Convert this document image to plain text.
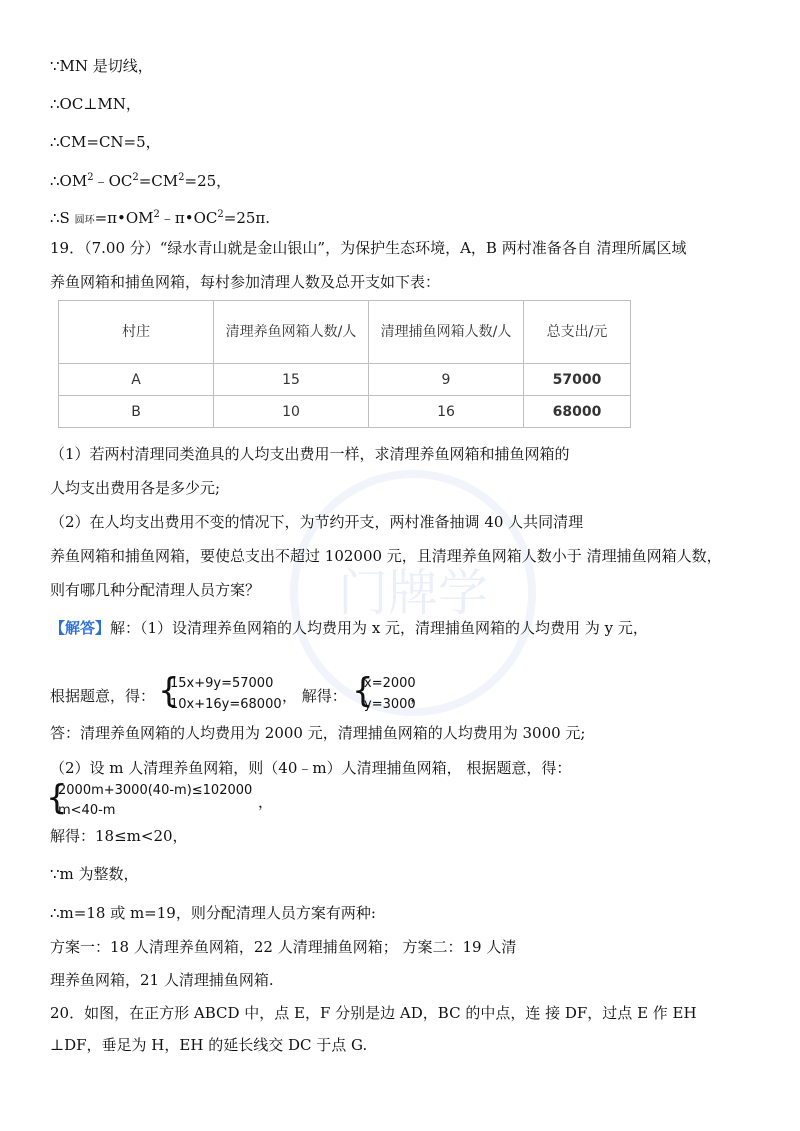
门牌学
∵MN 是切线，
∴OC⊥MN，
∴CM=CN=5，
$\therefore OM^2﹣OC^2=CM^2=25$，
∴S 圆环$=\pi•OM^2﹣\pi•OC^2=25\pi$.
19．（7.00 分）“绿水青山就是金山银山”，为保护生态环境，A，B 两村准备各自 清理所属区域
养鱼网箱和捕鱼网箱，每村参加清理人数及总开支如下表：
村庄	清理养鱼网箱人数/人	清理捕鱼网箱人数/人	总支出/元
A	15	9	57000
B	10	16	68000
（1）若两村清理同类渔具的人均支出费用一样，求清理养鱼网箱和捕鱼网箱的
人均支出费用各是多少元;
（2）在人均支出费用不变的情况下，为节约开支，两村准备抽调 40 人共同清理
养鱼网箱和捕鱼网箱，要使总支出不超过 102000 元，且清理养鱼网箱人数小于 清理捕鱼网箱人数，
则有哪几种分配清理人员方案？
【解答】解：（1）设清理养鱼网箱的人均费用为 x 元，清理捕鱼网箱的人均费用 为 y 元，
根据题意，得： {
15x+9y=57000
10x+16y=68000 ， 解得： {
x=2000
y=3000
，
答：清理养鱼网箱的人均费用为 2000 元，清理捕鱼网箱的人均费用为 3000 元;
（2）设 m 人清理养鱼网箱，则（40﹣m）人清理捕鱼网箱， 根据题意，得：
{
2000m+3000(40-m)≤102000
m<40-m	，
解得：18≤m<20，
∵m 为整数，
∴m=18 或 m=19，则分配清理人员方案有两种:
方案一：18 人清理养鱼网箱，22 人清理捕鱼网箱； 方案二：19 人清
理养鱼网箱，21 人清理捕鱼网箱.
20．如图，在正方形 ABCD 中，点 E，F 分别是边 AD，BC 的中点，连 接 DF，过点 E 作 EH
⊥DF，垂足为 H，EH 的延长线交 DC 于点 G.
